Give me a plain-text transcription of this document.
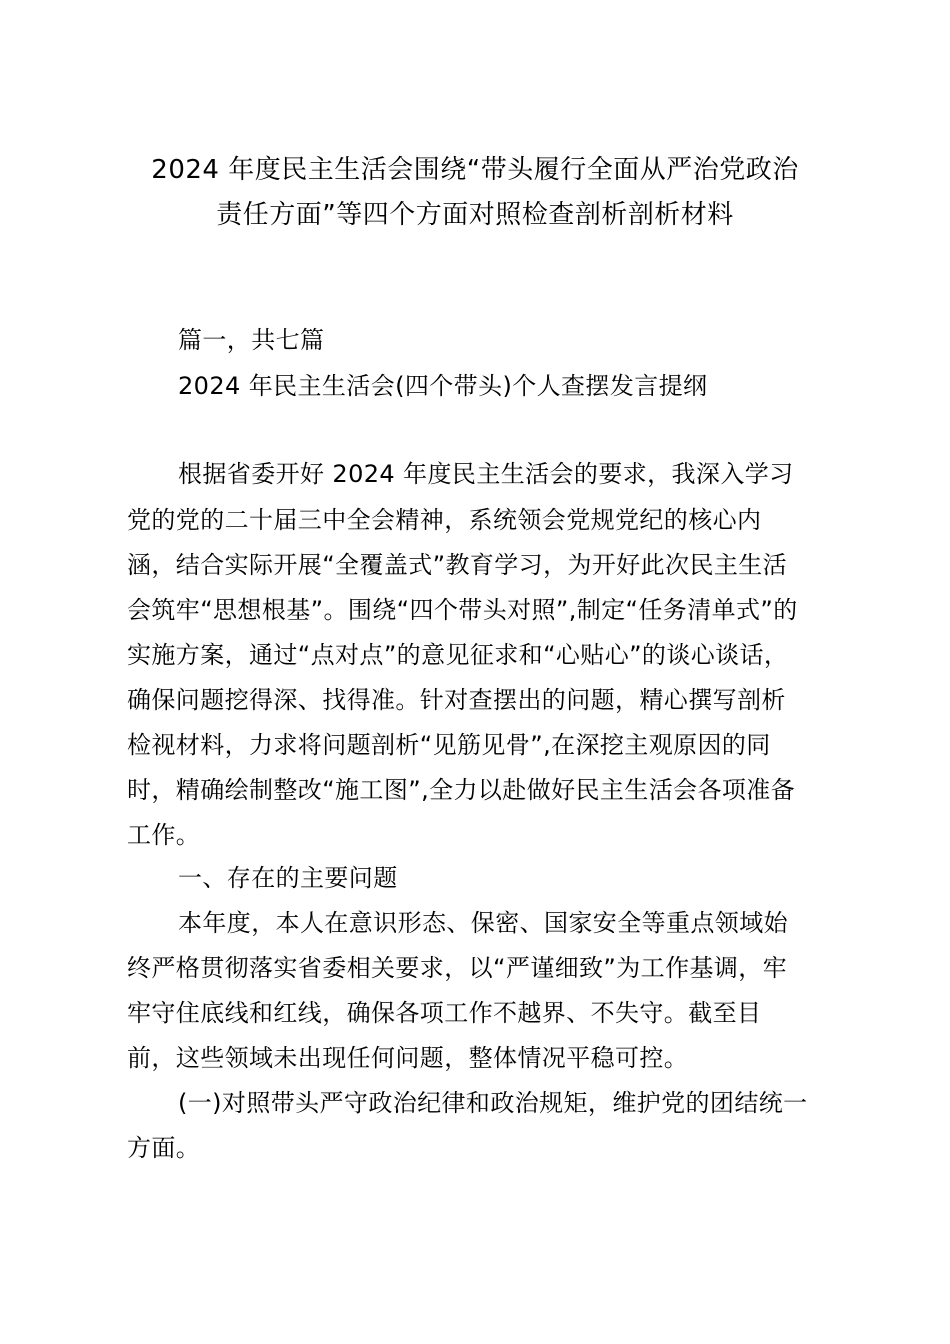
2024 年度民主生活会围绕“带头履行全面从严治党政治
责任方面”等四个方面对照检查剖析剖析材料
篇一，共七篇
2024 年民主生活会(四个带头)个人查摆发言提纲
根据省委开好 2024 年度民主生活会的要求，我深入学习
党的党的二十届三中全会精神，系统领会党规党纪的核心内
涵，结合实际开展“全覆盖式”教育学习，为开好此次民主生活
会筑牢“思想根基”。围绕“四个带头对照”,制定“任务清单式”的
实施方案，通过“点对点”的意见征求和“心贴心”的谈心谈话，
确保问题挖得深、找得准。针对查摆出的问题，精心撰写剖析
检视材料，力求将问题剖析“见筋见骨”,在深挖主观原因的同
时，精确绘制整改“施工图”,全力以赴做好民主生活会各项准备
工作。
一、存在的主要问题
本年度，本人在意识形态、保密、国家安全等重点领域始
终严格贯彻落实省委相关要求，以“严谨细致”为工作基调，牢
牢守住底线和红线，确保各项工作不越界、不失守。截至目
前，这些领域未出现任何问题，整体情况平稳可控。
(一)对照带头严守政治纪律和政治规矩，维护党的团结统一
方面。
